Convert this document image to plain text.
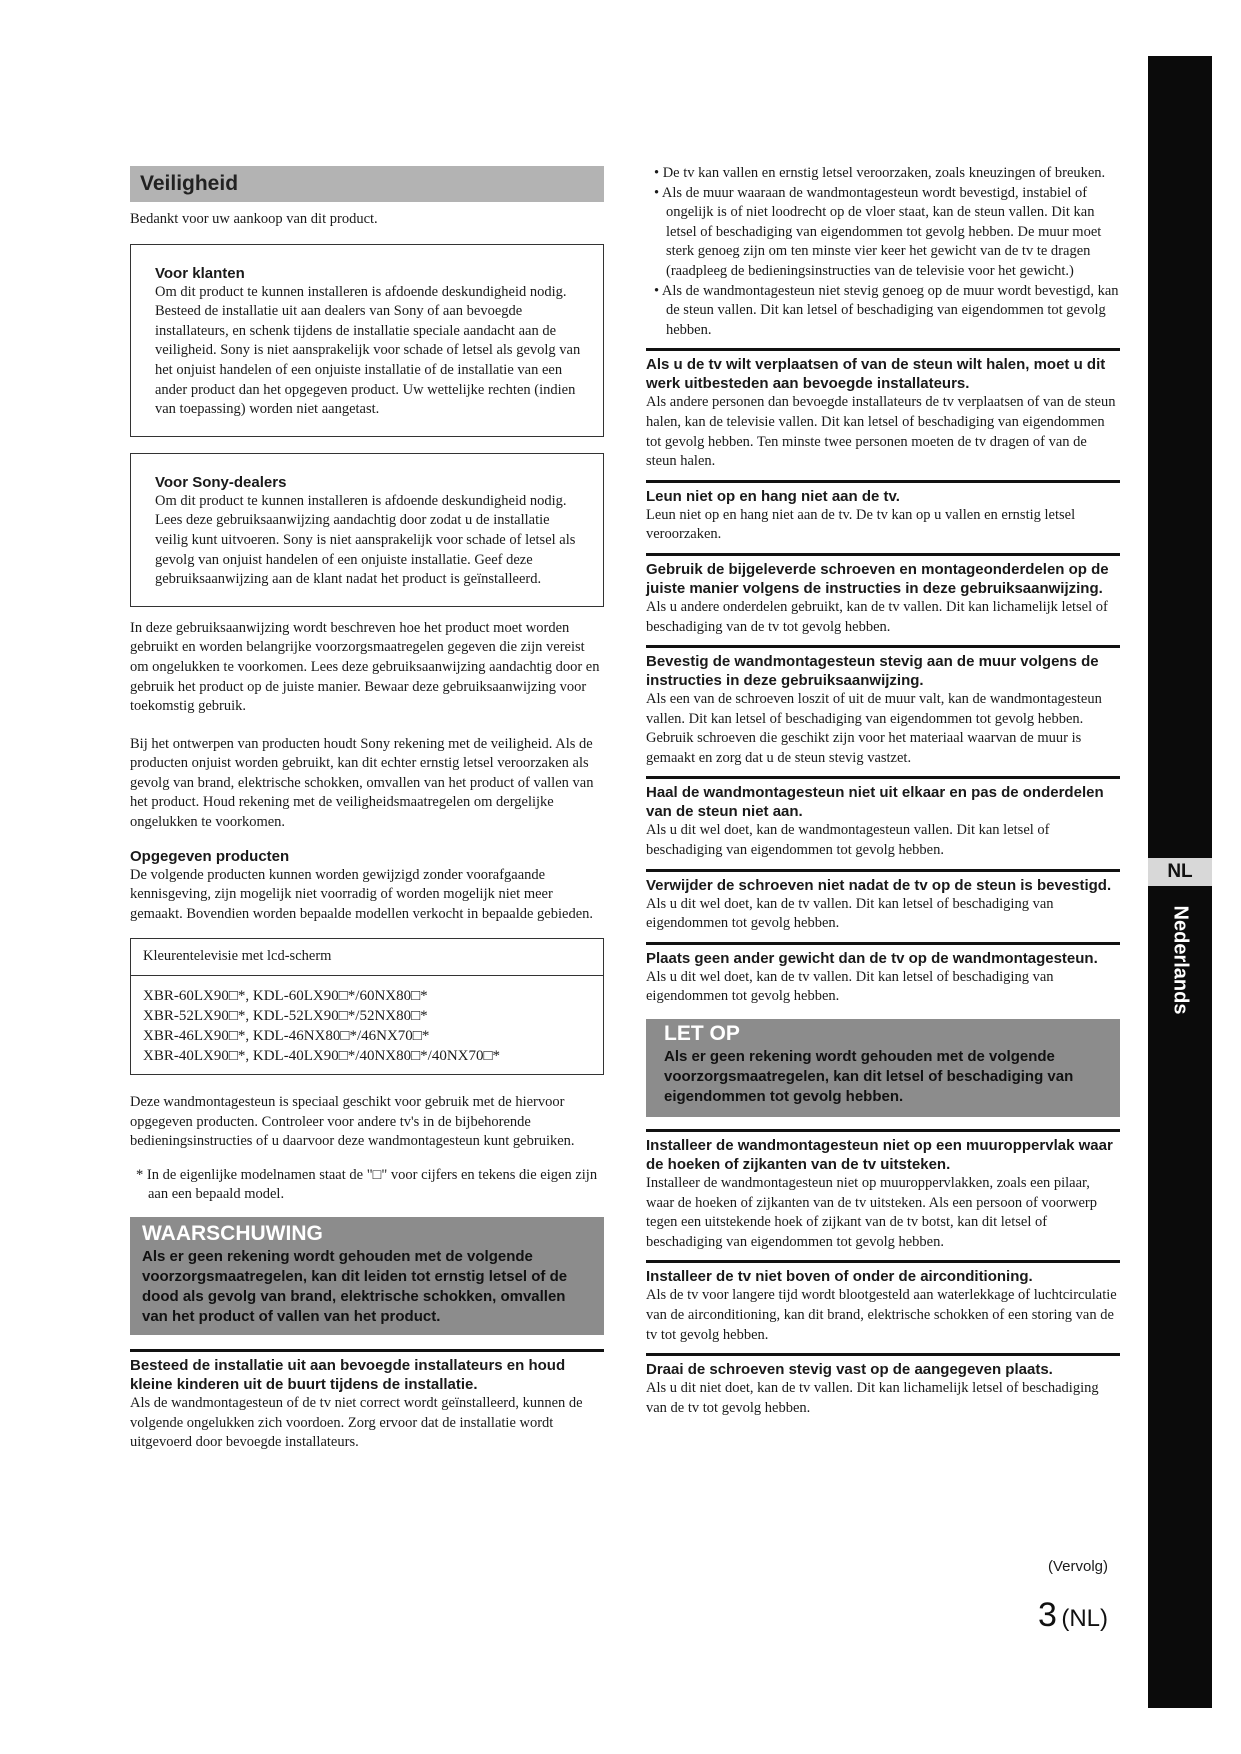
NL
Nederlands
Veiligheid

Bedankt voor uw aankoop van dit product.

Voor klanten

Om dit product te kunnen installeren is afdoende deskundigheid nodig. Besteed de installatie uit aan dealers van Sony of aan bevoegde installateurs, en schenk tijdens de installatie speciale aandacht aan de veiligheid. Sony is niet aansprakelijk voor schade of letsel als gevolg van het onjuist handelen of een onjuiste installatie of de installatie van een ander product dan het opgegeven product. Uw wettelijke rechten (indien van toepassing) worden niet aangetast.

Voor Sony-dealers

Om dit product te kunnen installeren is afdoende deskundigheid nodig. Lees deze gebruiksaanwijzing aandachtig door zodat u de installatie veilig kunt uitvoeren. Sony is niet aansprakelijk voor schade of letsel als gevolg van onjuist handelen of een onjuiste installatie. Geef deze gebruiksaanwijzing aan de klant nadat het product is geïnstalleerd.

In deze gebruiksaanwijzing wordt beschreven hoe het product moet worden gebruikt en worden belangrijke voorzorgsmaatregelen gegeven die zijn vereist om ongelukken te voorkomen. Lees deze gebruiksaanwijzing aandachtig door en gebruik het product op de juiste manier. Bewaar deze gebruiksaanwijzing voor toekomstig gebruik.

Bij het ontwerpen van producten houdt Sony rekening met de veiligheid. Als de producten onjuist worden gebruikt, kan dit echter ernstig letsel veroorzaken als gevolg van brand, elektrische schokken, omvallen van het product of vallen van het product. Houd rekening met de veiligheidsmaatregelen om dergelijke ongelukken te voorkomen.

Opgegeven producten

De volgende producten kunnen worden gewijzigd zonder voorafgaande kennisgeving, zijn mogelijk niet voorradig of worden mogelijk niet meer gemaakt. Bovendien worden bepaalde modellen verkocht in bepaalde gebieden.

Kleurentelevisie met lcd-scherm
XBR-60LX90□*, KDL-60LX90□*/60NX80□*
XBR-52LX90□*, KDL-52LX90□*/52NX80□*
XBR-46LX90□*, KDL-46NX80□*/46NX70□*
XBR-40LX90□*, KDL-40LX90□*/40NX80□*/40NX70□*

Deze wandmontagesteun is speciaal geschikt voor gebruik met de hiervoor opgegeven producten. Controleer voor andere tv's in de bijbehorende bedieningsinstructies of u daarvoor deze wandmontagesteun kunt gebruiken.

* In de eigenlijke modelnamen staat de "□" voor cijfers en tekens die eigen zijn aan een bepaald model.

WAARSCHUWING
Als er geen rekening wordt gehouden met de volgende voorzorgsmaatregelen, kan dit leiden tot ernstig letsel of de dood als gevolg van brand, elektrische schokken, omvallen van het product of vallen van het product.

Besteed de installatie uit aan bevoegde installateurs en houd kleine kinderen uit de buurt tijdens de installatie.

Als de wandmontagesteun of de tv niet correct wordt geïnstalleerd, kunnen de volgende ongelukken zich voordoen. Zorg ervoor dat de installatie wordt uitgevoerd door bevoegde installateurs.

• De tv kan vallen en ernstig letsel veroorzaken, zoals kneuzingen of breuken.
• Als de muur waaraan de wandmontagesteun wordt bevestigd, instabiel of ongelijk is of niet loodrecht op de vloer staat, kan de steun vallen. Dit kan letsel of beschadiging van eigendommen tot gevolg hebben. De muur moet sterk genoeg zijn om ten minste vier keer het gewicht van de tv te dragen (raadpleeg de bedieningsinstructies van de televisie voor het gewicht.)
• Als de wandmontagesteun niet stevig genoeg op de muur wordt bevestigd, kan de steun vallen. Dit kan letsel of beschadiging van eigendommen tot gevolg hebben.

Als u de tv wilt verplaatsen of van de steun wilt halen, moet u dit werk uitbesteden aan bevoegde installateurs.

Als andere personen dan bevoegde installateurs de tv verplaatsen of van de steun halen, kan de televisie vallen. Dit kan letsel of beschadiging van eigendommen tot gevolg hebben. Ten minste twee personen moeten de tv dragen of van de steun halen.

Leun niet op en hang niet aan de tv.

Leun niet op en hang niet aan de tv. De tv kan op u vallen en ernstig letsel veroorzaken.

Gebruik de bijgeleverde schroeven en montageonderdelen op de juiste manier volgens de instructies in deze gebruiksaanwijzing.

Als u andere onderdelen gebruikt, kan de tv vallen. Dit kan lichamelijk letsel of beschadiging van de tv tot gevolg hebben.

Bevestig de wandmontagesteun stevig aan de muur volgens de instructies in deze gebruiksaanwijzing.

Als een van de schroeven loszit of uit de muur valt, kan de wandmontagesteun vallen. Dit kan letsel of beschadiging van eigendommen tot gevolg hebben. Gebruik schroeven die geschikt zijn voor het materiaal waarvan de muur is gemaakt en zorg dat u de steun stevig vastzet.

Haal de wandmontagesteun niet uit elkaar en pas de onderdelen van de steun niet aan.

Als u dit wel doet, kan de wandmontagesteun vallen. Dit kan letsel of beschadiging van eigendommen tot gevolg hebben.

Verwijder de schroeven niet nadat de tv op de steun is bevestigd.

Als u dit wel doet, kan de tv vallen. Dit kan letsel of beschadiging van eigendommen tot gevolg hebben.

Plaats geen ander gewicht dan de tv op de wandmontagesteun.

Als u dit wel doet, kan de tv vallen. Dit kan letsel of beschadiging van eigendommen tot gevolg hebben.

LET OP
Als er geen rekening wordt gehouden met de volgende voorzorgsmaatregelen, kan dit letsel of beschadiging van eigendommen tot gevolg hebben.

Installeer de wandmontagesteun niet op een muuroppervlak waar de hoeken of zijkanten van de tv uitsteken.

Installeer de wandmontagesteun niet op muuroppervlakken, zoals een pilaar, waar de hoeken of zijkanten van de tv uitsteken. Als een persoon of voorwerp tegen een uitstekende hoek of zijkant van de tv botst, kan dit letsel of beschadiging van eigendommen tot gevolg hebben.

Installeer de tv niet boven of onder de airconditioning.

Als de tv voor langere tijd wordt blootgesteld aan waterlekkage of luchtcirculatie van de airconditioning, kan dit brand, elektrische schokken of een storing van de tv tot gevolg hebben.

Draai de schroeven stevig vast op de aangegeven plaats.

Als u dit niet doet, kan de tv vallen. Dit kan lichamelijk letsel of beschadiging van de tv tot gevolg hebben.

(Vervolg)
3 (NL)
